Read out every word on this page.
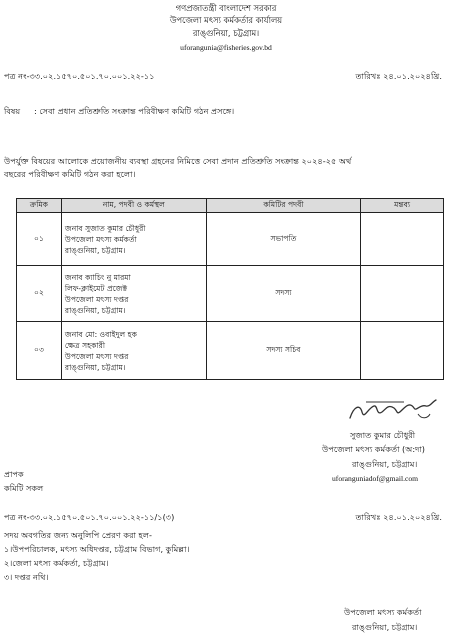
গণপ্রজাতন্ত্রী বাংলাদেশ সরকার
উপজেলা মৎস্য কর্মকর্তার কার্যালয়
রাঙ্গুনিয়া, চট্টগ্রাম।
uforangunia@fisheries.gov.bd
পত্র নং-৩৩.০২.১৫৭০.৫০১.৭০.০০১.২২-১১	তারিখঃ ২৪.০১.২০২৪খ্রি.
বিষয় : সেবা প্রধান প্রতিশ্রুতি সংক্রান্ত পরিবীক্ষণ কমিটি গঠন প্রসঙ্গে।
উপর্যুক্ত বিষয়ের আলোকে প্রয়োজনীয় ব্যবস্থা গ্রহনের নিমিত্তে সেবা প্রদান প্রতিশ্রুতি সংক্রান্ত ২০২৪-২৫ অর্থ
বছরের পরিবীক্ষণ কমিটি গঠন করা হলো।
ক্রমিক	নাম, পদবী ও কর্মস্থল	কমিটির পদবী	মন্তব্য
০১	জনাব সুজাত কুমার চৌধুরী
উপজেলা মৎস্য কর্মকর্তা
রাঙ্গুনিয়া, চট্টগ্রাম।	সভাপতি	
০২	জনাব ক্যাচিং নু মারমা
লিফ-ক্লাইমেট প্রজেক্ট
উপজেলা মৎস্য দপ্তর
রাঙ্গুনিয়া, চট্টগ্রাম।	সদস্য	
০৩	জনাব মো: ওবাইদুল হক
ক্ষেত্র সহকারী
উপজেলা মৎস্য দপ্তর
রাঙ্গুনিয়া, চট্টগ্রাম।	সদস্য সচিব	
সুজাত কুমার চৌধুরী
উপজেলা মৎস্য কর্মকর্তা (অ:দা)
রাঙ্গুনিয়া, চট্টগ্রাম।
uforanguniadof@gmail.com
প্রাপক
কমিটি সকল
পত্র নং-৩৩.০২.১৫৭০.৫০১.৭০.০০১.২২-১১/১(৩)	তারিখঃ ২৪.০১.২০২৪খ্রি.
সদয় অবগতির জন্য অনুলিপি প্রেরণ করা হল-
১।উপপরিচালক, মৎস্য অধিদপ্তর, চট্টগ্রাম বিভাগ, কুমিল্লা।
২।জেলা মৎস্য কর্মকর্তা, চট্টগ্রাম।
৩। দপ্তর নথি।
উপজেলা মৎস্য কর্মকর্তা
রাঙ্গুনিয়া, চট্টগ্রাম।
